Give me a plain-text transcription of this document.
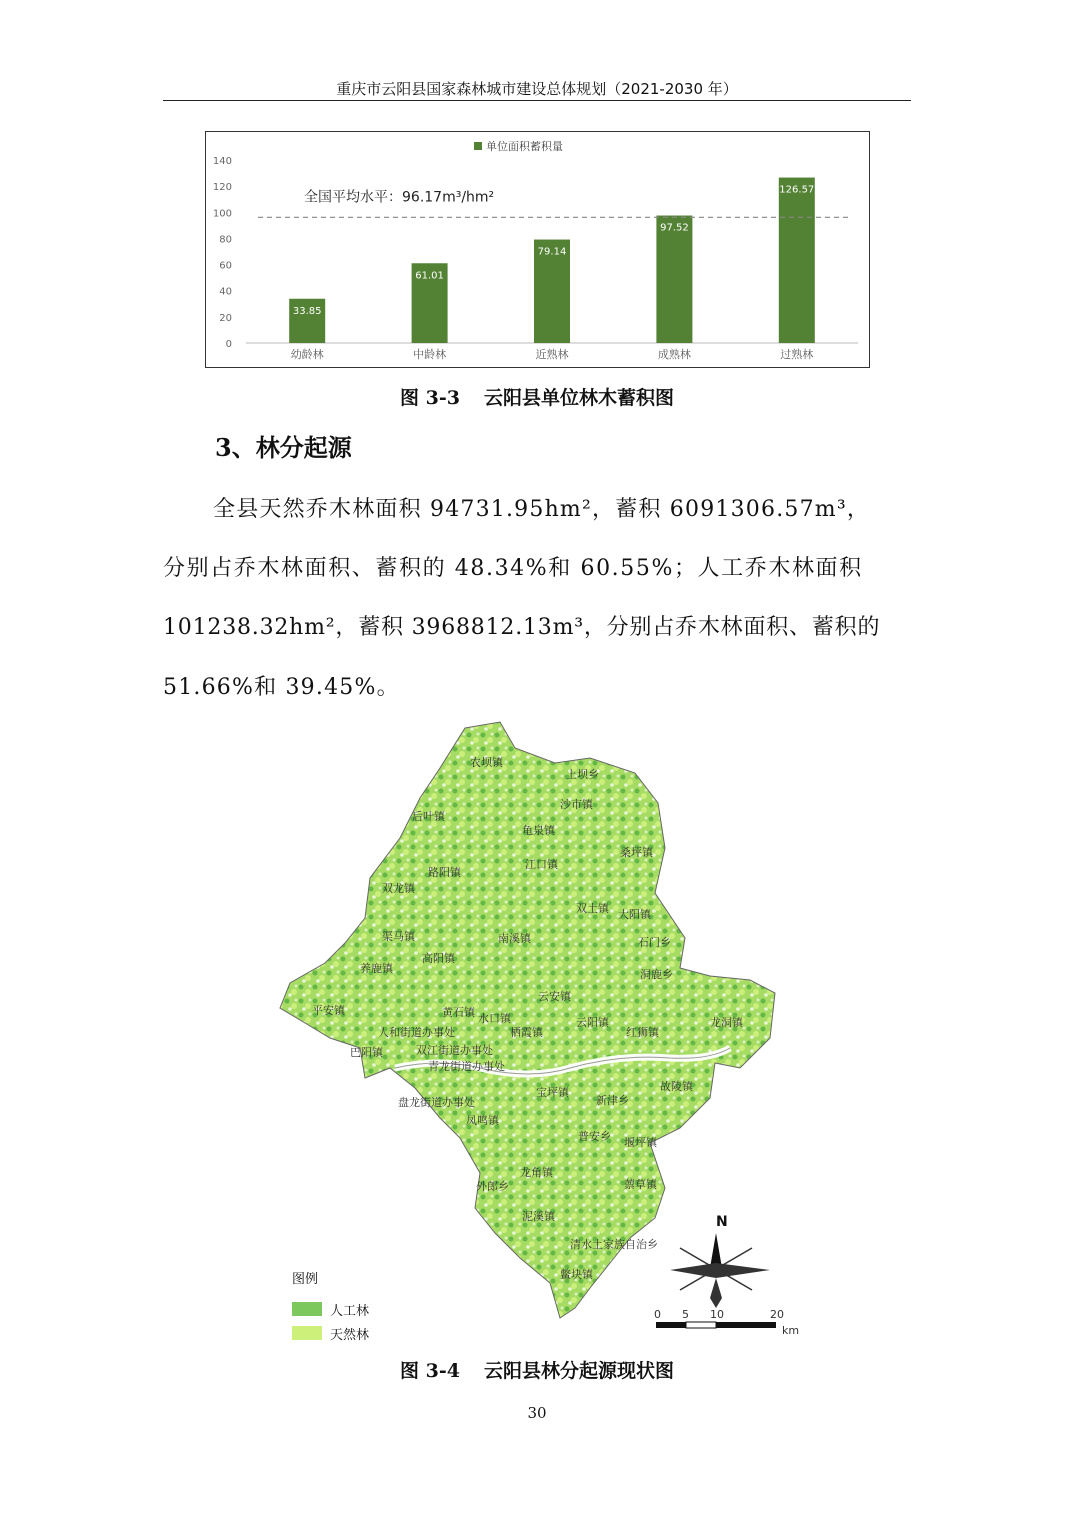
重庆市云阳县国家森林城市建设总体规划（2021-2030 年）
单位面积蓄积量
0
20
40
60
80
100
120
140
33.85
幼龄林
61.01
中龄林
79.14
近熟林
97.52
成熟林
126.57
过熟林
全国平均水平：96.17m³/hm²
图 3-3 云阳县单位林木蓄积图
3、林分起源
全县天然乔木林面积 94731.95hm²，蓄积 6091306.57m³，
分别占乔木林面积、蓄积的 48.34%和 60.55%；人工乔木林面积
101238.32hm²，蓄积 3968812.13m³，分别占乔木林面积、蓄积的
51.66%和 39.45%。
农坝镇
上坝乡
沙市镇
后叶镇
龟泉镇
桑坪镇
江口镇
路阳镇
双龙镇
双土镇 大阳镇
渠马镇	南溪镇	石门乡
高阳镇
养鹿镇	洞鹿乡
云安镇
平安镇	黄石镇 水口镇	云阳镇
红狮镇
龙洞镇
人和街道办事处	栖霞镇
巴阳镇	双江街道办事处
青龙街道办事处
宝坪镇	故陵镇
盘龙街道办事处	新津乡
凤鸣镇
普安乡 堰坪镇
龙角镇
外郎乡	蔈草镇
泥溪镇
清水土家族自治乡
鳖块镇
N
0 5 10	20
km
图例
人工林
天然林
图 3-4 云阳县林分起源现状图
30
